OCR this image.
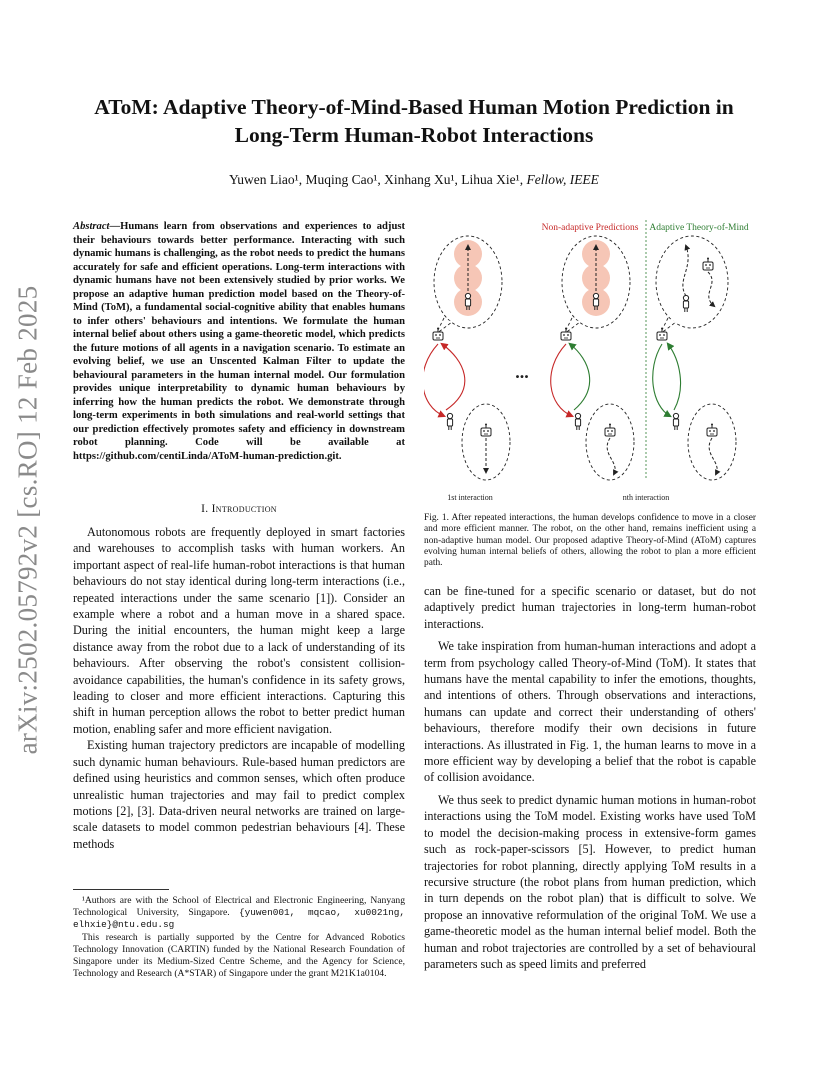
arXiv:2502.05792v2 [cs.RO] 12 Feb 2025
AToM: Adaptive Theory-of-Mind-Based Human Motion Prediction in
Long-Term Human-Robot Interactions
Yuwen Liao¹, Muqing Cao¹, Xinhang Xu¹, Lihua Xie¹, Fellow, IEEE
Abstract—Humans learn from observations and experiences to adjust their behaviours towards better performance. Interacting with such dynamic humans is challenging, as the robot needs to predict the humans accurately for safe and efficient operations. Long-term interactions with dynamic humans have not been extensively studied by prior works. We propose an adaptive human prediction model based on the Theory-of-Mind (ToM), a fundamental social-cognitive ability that enables humans to infer others' behaviours and intentions. We formulate the human internal belief about others using a game-theoretic model, which predicts the future motions of all agents in a navigation scenario. To estimate an evolving belief, we use an Unscented Kalman Filter to update the behavioural parameters in the human internal model. Our formulation provides unique interpretability to dynamic human behaviours by inferring how the human predicts the robot. We demonstrate through long-term experiments in both simulations and real-world settings that our prediction effectively promotes safety and efficiency in downstream robot planning. Code will be available at https://github.com/centiLinda/AToM-human-prediction.git.
I. Introduction

Autonomous robots are frequently deployed in smart factories and warehouses to accomplish tasks with human workers. An important aspect of real-life human-robot interactions is that human behaviours do not stay identical during long-term interactions (i.e., repeated interactions under the same scenario [1]). Consider an example where a robot and a human move in a shared space. During the initial encounters, the human might keep a large distance away from the robot due to a lack of understanding of its behaviours. After observing the robot's consistent collision-avoidance capabilities, the human's confidence in its safety grows, leading to closer and more efficient interactions. Capturing this shift in human perception allows the robot to better predict human motion, enabling safer and more efficient navigation.

Existing human trajectory predictors are incapable of modelling such dynamic human behaviours. Rule-based human predictors are defined using heuristics and common senses, which often produce unrealistic human trajectories and may fail to predict complex motions [2], [3]. Data-driven neural networks are trained on large-scale datasets to model common pedestrian behaviours [4]. These methods

¹Authors are with the School of Electrical and Electronic Engineering, Nanyang Technological University, Singapore. {yuwen001, mqcao, xu0021ng, elhxie}@ntu.edu.sg

This research is partially supported by the Centre for Advanced Robotics Technology Innovation (CARTIN) funded by the National Research Foundation of Singapore under its Medium-Sized Centre Scheme, and the Agency for Science, Technology and Research (A*STAR) of Singapore under the grant M21K1a0104.

Non-adaptive Predictions Adaptive Theory-of-Mind
...
1st interaction	nth interaction
Fig. 1. After repeated interactions, the human develops confidence to move in a closer and more efficient manner. The robot, on the other hand, remains inefficient using a non-adaptive human model. Our proposed adaptive Theory-of-Mind (AToM) captures evolving human internal beliefs of others, allowing the robot to plan a more efficient path.

can be fine-tuned for a specific scenario or dataset, but do not adaptively predict human trajectories in long-term human-robot interactions.

We take inspiration from human-human interactions and adopt a term from psychology called Theory-of-Mind (ToM). It states that humans have the mental capability to infer the emotions, thoughts, and intentions of others. Through observations and interactions, humans can update and correct their understanding of others' behaviours, therefore modify their own decisions in future interactions. As illustrated in Fig. 1, the human learns to move in a more efficient way by developing a belief that the robot is capable of collision avoidance.

We thus seek to predict dynamic human motions in human-robot interactions using the ToM model. Existing works have used ToM to model the decision-making process in extensive-form games such as rock-paper-scissors [5]. However, to predict human trajectories for robot planning, directly applying ToM results in a recursive structure (the robot plans from human prediction, which in turn depends on the robot plan) that is difficult to solve. We propose an innovative reformulation of the original ToM. We use a game-theoretic model as the human internal belief model. Both the human and robot trajectories are controlled by a set of behavioural parameters such as speed limits and preferred
